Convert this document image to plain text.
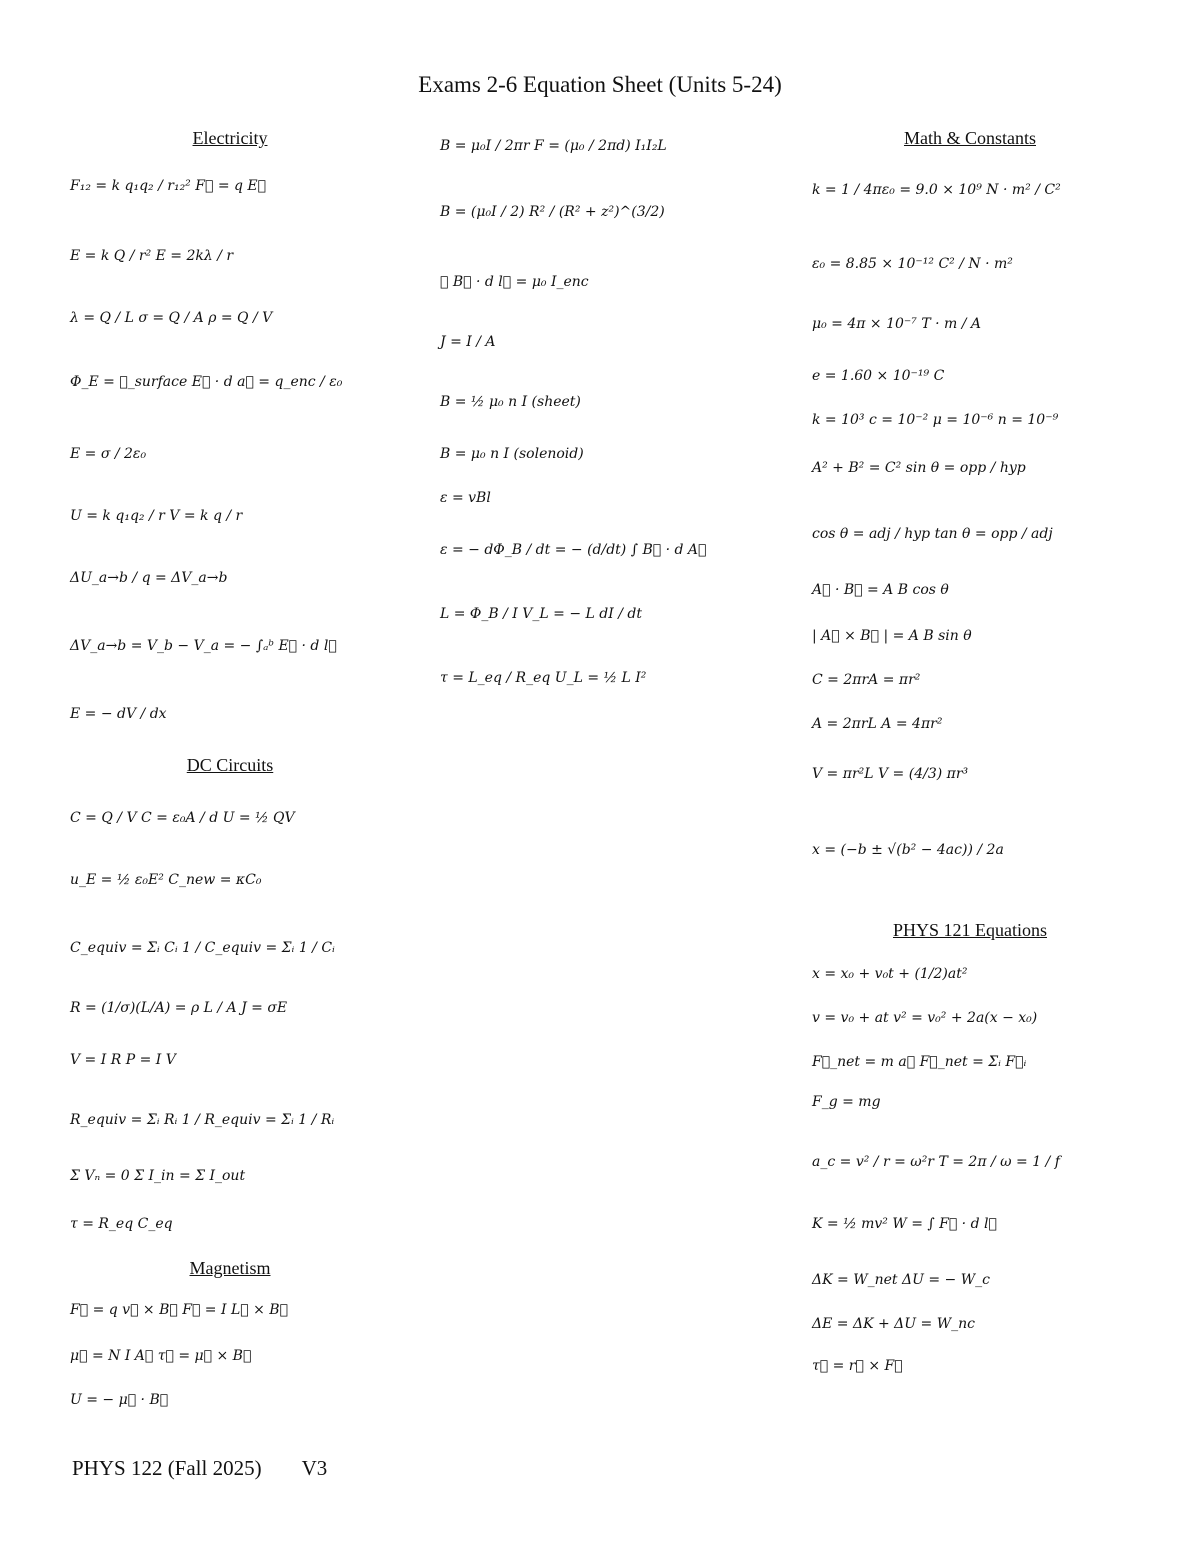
Exams 2-6 Equation Sheet (Units 5-24)
Electricity
F₁₂ = k q₁q₂ / r₁₂² F⃗ = q E⃗
E = k Q / r² E = 2kλ / r
λ = Q / L σ = Q / A ρ = Q / V
Φ_E = ∮_surface E⃗ · d a⃗ = q_enc / ε₀
E = σ / 2ε₀
U = k q₁q₂ / r V = k q / r
ΔU_a→b / q = ΔV_a→b
ΔV_a→b = V_b − V_a = − ∫ₐᵇ E⃗ · d l⃗
E = − dV / dx
DC Circuits
C = Q / V C = ε₀A / d U = ½ QV
u_E = ½ ε₀E² C_new = κC₀
C_equiv = Σᵢ Cᵢ 1 / C_equiv = Σᵢ 1 / Cᵢ
R = (1/σ)(L/A) = ρ L / A J = σE
V = I R P = I V
R_equiv = Σᵢ Rᵢ 1 / R_equiv = Σᵢ 1 / Rᵢ
Σ Vₙ = 0 Σ I_in = Σ I_out
τ = R_eq C_eq
Magnetism
F⃗ = q v⃗ × B⃗ F⃗ = I L⃗ × B⃗
μ⃗ = N I A⃗ τ⃗ = μ⃗ × B⃗
U = − μ⃗ · B⃗
B = μ₀I / 2πr F = (μ₀ / 2πd) I₁I₂L
B = (μ₀I / 2) R² / (R² + z²)^(3/2)
∮ B⃗ · d l⃗ = μ₀ I_enc
J = I / A
B = ½ μ₀ n I (sheet)
B = μ₀ n I (solenoid)
ε = vBl
ε = − dΦ_B / dt = − (d/dt) ∫ B⃗ · d A⃗
L = Φ_B / I V_L = − L dI / dt
τ = L_eq / R_eq U_L = ½ L I²
Math & Constants
k = 1 / 4πε₀ = 9.0 × 10⁹ N · m² / C²
ε₀ = 8.85 × 10⁻¹² C² / N · m²
μ₀ = 4π × 10⁻⁷ T · m / A
e = 1.60 × 10⁻¹⁹ C
k = 10³ c = 10⁻² μ = 10⁻⁶ n = 10⁻⁹
A² + B² = C² sin θ = opp / hyp
cos θ = adj / hyp tan θ = opp / adj
A⃗ · B⃗ = A B cos θ
| A⃗ × B⃗ | = A B sin θ
C = 2πrA = πr²
A = 2πrL A = 4πr²
V = πr²L V = (4/3) πr³
x = (−b ± √(b² − 4ac)) / 2a
PHYS 121 Equations
x = x₀ + v₀t + (1/2)at²
v = v₀ + at v² = v₀² + 2a(x − x₀)
F⃗_net = m a⃗ F⃗_net = Σᵢ F⃗ᵢ
F_g = mg
a_c = v² / r = ω²r T = 2π / ω = 1 / f
K = ½ mv² W = ∫ F⃗ · d l⃗
ΔK = W_net ΔU = − W_c
ΔE = ΔK + ΔU = W_nc
τ⃗ = r⃗ × F⃗
PHYS 122 (Fall 2025) V3
